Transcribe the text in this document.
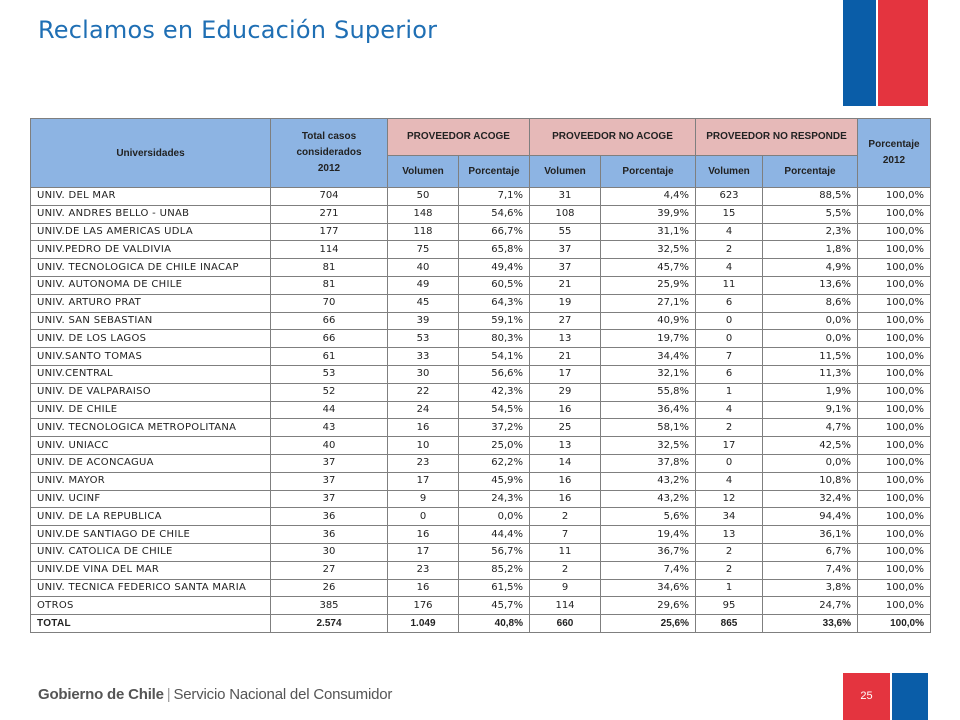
Reclamos en Educación Superior
Universidades	Total casos considerados 2012	PROVEEDOR ACOGE		PROVEEDOR NO ACOGE		PROVEEDOR NO RESPONDE		Porcentaje 2012
		Volumen	Porcentaje	Volumen	Porcentaje	Volumen	Porcentaje	
UNIV. DEL MAR	704	50	7,1%	31	4,4%	623	88,5%	100,0%
UNIV. ANDRES BELLO - UNAB	271	148	54,6%	108	39,9%	15	5,5%	100,0%
UNIV.DE LAS AMERICAS UDLA	177	118	66,7%	55	31,1%	4	2,3%	100,0%
UNIV.PEDRO DE VALDIVIA	114	75	65,8%	37	32,5%	2	1,8%	100,0%
UNIV. TECNOLOGICA DE CHILE INACAP	81	40	49,4%	37	45,7%	4	4,9%	100,0%
UNIV. AUTONOMA DE CHILE	81	49	60,5%	21	25,9%	11	13,6%	100,0%
UNIV. ARTURO PRAT	70	45	64,3%	19	27,1%	6	8,6%	100,0%
UNIV. SAN SEBASTIAN	66	39	59,1%	27	40,9%	0	0,0%	100,0%
UNIV. DE LOS LAGOS	66	53	80,3%	13	19,7%	0	0,0%	100,0%
UNIV.SANTO TOMAS	61	33	54,1%	21	34,4%	7	11,5%	100,0%
UNIV.CENTRAL	53	30	56,6%	17	32,1%	6	11,3%	100,0%
UNIV. DE VALPARAISO	52	22	42,3%	29	55,8%	1	1,9%	100,0%
UNIV. DE CHILE	44	24	54,5%	16	36,4%	4	9,1%	100,0%
UNIV. TECNOLOGICA METROPOLITANA	43	16	37,2%	25	58,1%	2	4,7%	100,0%
UNIV. UNIACC	40	10	25,0%	13	32,5%	17	42,5%	100,0%
UNIV. DE ACONCAGUA	37	23	62,2%	14	37,8%	0	0,0%	100,0%
UNIV. MAYOR	37	17	45,9%	16	43,2%	4	10,8%	100,0%
UNIV. UCINF	37	9	24,3%	16	43,2%	12	32,4%	100,0%
UNIV. DE LA REPUBLICA	36	0	0,0%	2	5,6%	34	94,4%	100,0%
UNIV.DE SANTIAGO DE CHILE	36	16	44,4%	7	19,4%	13	36,1%	100,0%
UNIV. CATOLICA DE CHILE	30	17	56,7%	11	36,7%	2	6,7%	100,0%
UNIV.DE VINA DEL MAR	27	23	85,2%	2	7,4%	2	7,4%	100,0%
UNIV. TECNICA FEDERICO SANTA MARIA	26	16	61,5%	9	34,6%	1	3,8%	100,0%
OTROS	385	176	45,7%	114	29,6%	95	24,7%	100,0%
TOTAL	2.574	1.049	40,8%	660	25,6%	865	33,6%	100,0%
25
Gobierno de Chile | Servicio Nacional del Consumidor
